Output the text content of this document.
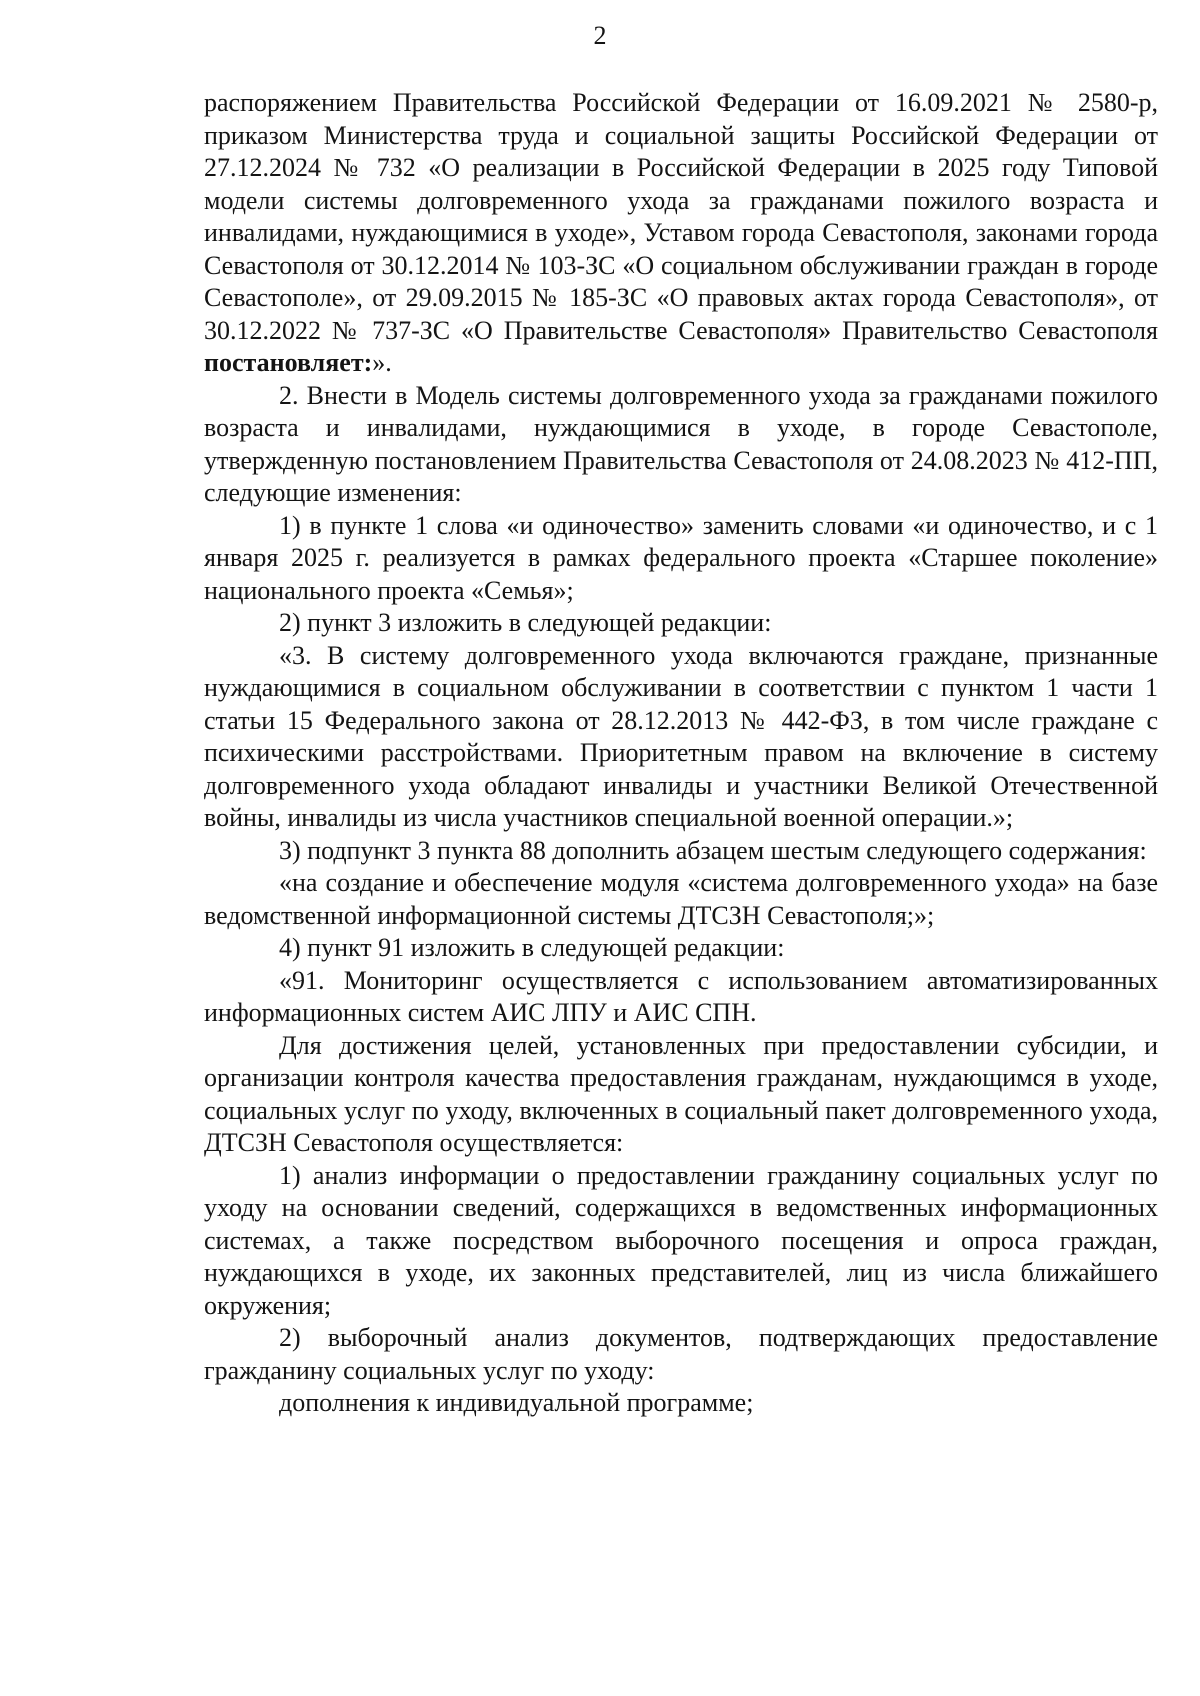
2

распоряжением Правительства Российской Федерации от 16.09.2021 № 2580-р, приказом Министерства труда и социальной защиты Российской Федерации от 27.12.2024 № 732 «О реализации в Российской Федерации в 2025 году Типовой модели системы долговременного ухода за гражданами пожилого возраста и инвалидами, нуждающимися в уходе», Уставом города Севастополя, законами города Севастополя от 30.12.2014 № 103-ЗС «О социальном обслуживании граждан в городе Севастополе», от 29.09.2015 № 185-ЗС «О правовых актах города Севастополя», от 30.12.2022 № 737-ЗС «О Правительстве Севастополя» Правительство Севастополя постановляет:».

2. Внести в Модель системы долговременного ухода за гражданами пожилого возраста и инвалидами, нуждающимися в уходе, в городе Севастополе, утвержденную постановлением Правительства Севастополя от 24.08.2023 № 412-ПП, следующие изменения:

1) в пункте 1 слова «и одиночество» заменить словами «и одиночество, и с 1 января 2025 г. реализуется в рамках федерального проекта «Старшее поколение» национального проекта «Семья»;

2) пункт 3 изложить в следующей редакции:

«3. В систему долговременного ухода включаются граждане, признанные нуждающимися в социальном обслуживании в соответствии с пунктом 1 части 1 статьи 15 Федерального закона от 28.12.2013 № 442-ФЗ, в том числе граждане с психическими расстройствами. Приоритетным правом на включение в систему долговременного ухода обладают инвалиды и участники Великой Отечественной войны, инвалиды из числа участников специальной военной операции.»;

3) подпункт 3 пункта 88 дополнить абзацем шестым следующего содержания:

«на создание и обеспечение модуля «система долговременного ухода» на базе ведомственной информационной системы ДТСЗН Севастополя;»;

4) пункт 91 изложить в следующей редакции:

«91. Мониторинг осуществляется с использованием автоматизированных информационных систем АИС ЛПУ и АИС СПН.

Для достижения целей, установленных при предоставлении субсидии, и организации контроля качества предоставления гражданам, нуждающимся в уходе, социальных услуг по уходу, включенных в социальный пакет долговременного ухода, ДТСЗН Севастополя осуществляется:

1) анализ информации о предоставлении гражданину социальных услуг по уходу на основании сведений, содержащихся в ведомственных информационных системах, а также посредством выборочного посещения и опроса граждан, нуждающихся в уходе, их законных представителей, лиц из числа ближайшего окружения;

2) выборочный анализ документов, подтверждающих предоставление гражданину социальных услуг по уходу:

дополнения к индивидуальной программе;
